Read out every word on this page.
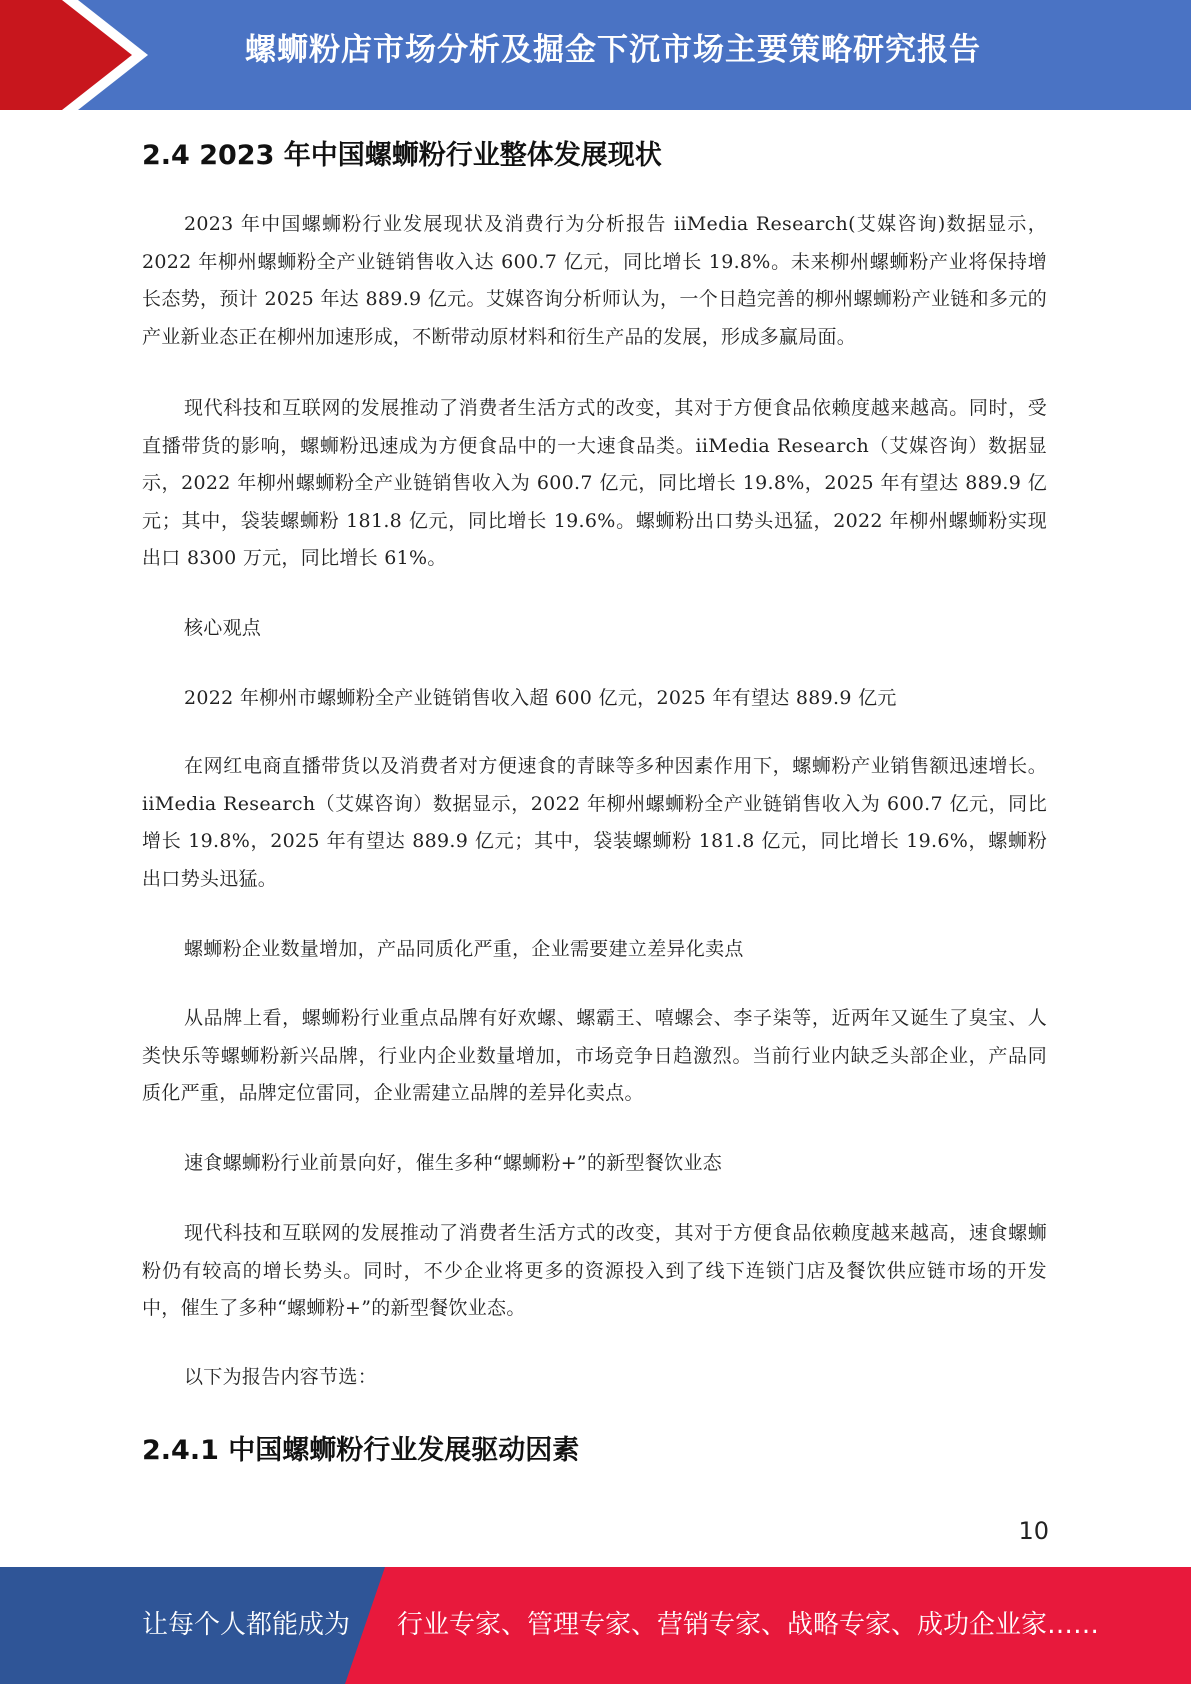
螺蛳粉店市场分析及掘金下沉市场主要策略研究报告
2.4 2023 年中国螺蛳粉行业整体发展现状

2023 年中国螺蛳粉行业发展现状及消费行为分析报告 iiMedia Research(艾媒咨询)数据显示，2022 年柳州螺蛳粉全产业链销售收入达 600.7 亿元，同比增长 19.8%。未来柳州螺蛳粉产业将保持增长态势，预计 2025 年达 889.9 亿元。艾媒咨询分析师认为，一个日趋完善的柳州螺蛳粉产业链和多元的产业新业态正在柳州加速形成，不断带动原材料和衍生产品的发展，形成多赢局面。

现代科技和互联网的发展推动了消费者生活方式的改变，其对于方便食品依赖度越来越高。同时，受直播带货的影响，螺蛳粉迅速成为方便食品中的一大速食品类。iiMedia Research（艾媒咨询）数据显示，2022 年柳州螺蛳粉全产业链销售收入为 600.7 亿元，同比增长 19.8%，2025 年有望达 889.9 亿元；其中，袋装螺蛳粉 181.8 亿元，同比增长 19.6%。螺蛳粉出口势头迅猛，2022 年柳州螺蛳粉实现出口 8300 万元，同比增长 61%。

核心观点

2022 年柳州市螺蛳粉全产业链销售收入超 600 亿元，2025 年有望达 889.9 亿元

在网红电商直播带货以及消费者对方便速食的青睐等多种因素作用下，螺蛳粉产业销售额迅速增长。iiMedia Research（艾媒咨询）数据显示，2022 年柳州螺蛳粉全产业链销售收入为 600.7 亿元，同比增长 19.8%，2025 年有望达 889.9 亿元；其中，袋装螺蛳粉 181.8 亿元，同比增长 19.6%，螺蛳粉出口势头迅猛。

螺蛳粉企业数量增加，产品同质化严重，企业需要建立差异化卖点

从品牌上看，螺蛳粉行业重点品牌有好欢螺、螺霸王、嘻螺会、李子柒等，近两年又诞生了臭宝、人类快乐等螺蛳粉新兴品牌，行业内企业数量增加，市场竞争日趋激烈。当前行业内缺乏头部企业，产品同质化严重，品牌定位雷同，企业需建立品牌的差异化卖点。

速食螺蛳粉行业前景向好，催生多种“螺蛳粉+”的新型餐饮业态

现代科技和互联网的发展推动了消费者生活方式的改变，其对于方便食品依赖度越来越高，速食螺蛳粉仍有较高的增长势头。同时，不少企业将更多的资源投入到了线下连锁门店及餐饮供应链市场的开发中，催生了多种“螺蛳粉+”的新型餐饮业态。

以下为报告内容节选：

2.4.1 中国螺蛳粉行业发展驱动因素
10
让每个人都能成为 行业专家、管理专家、营销专家、战略专家、成功企业家……
